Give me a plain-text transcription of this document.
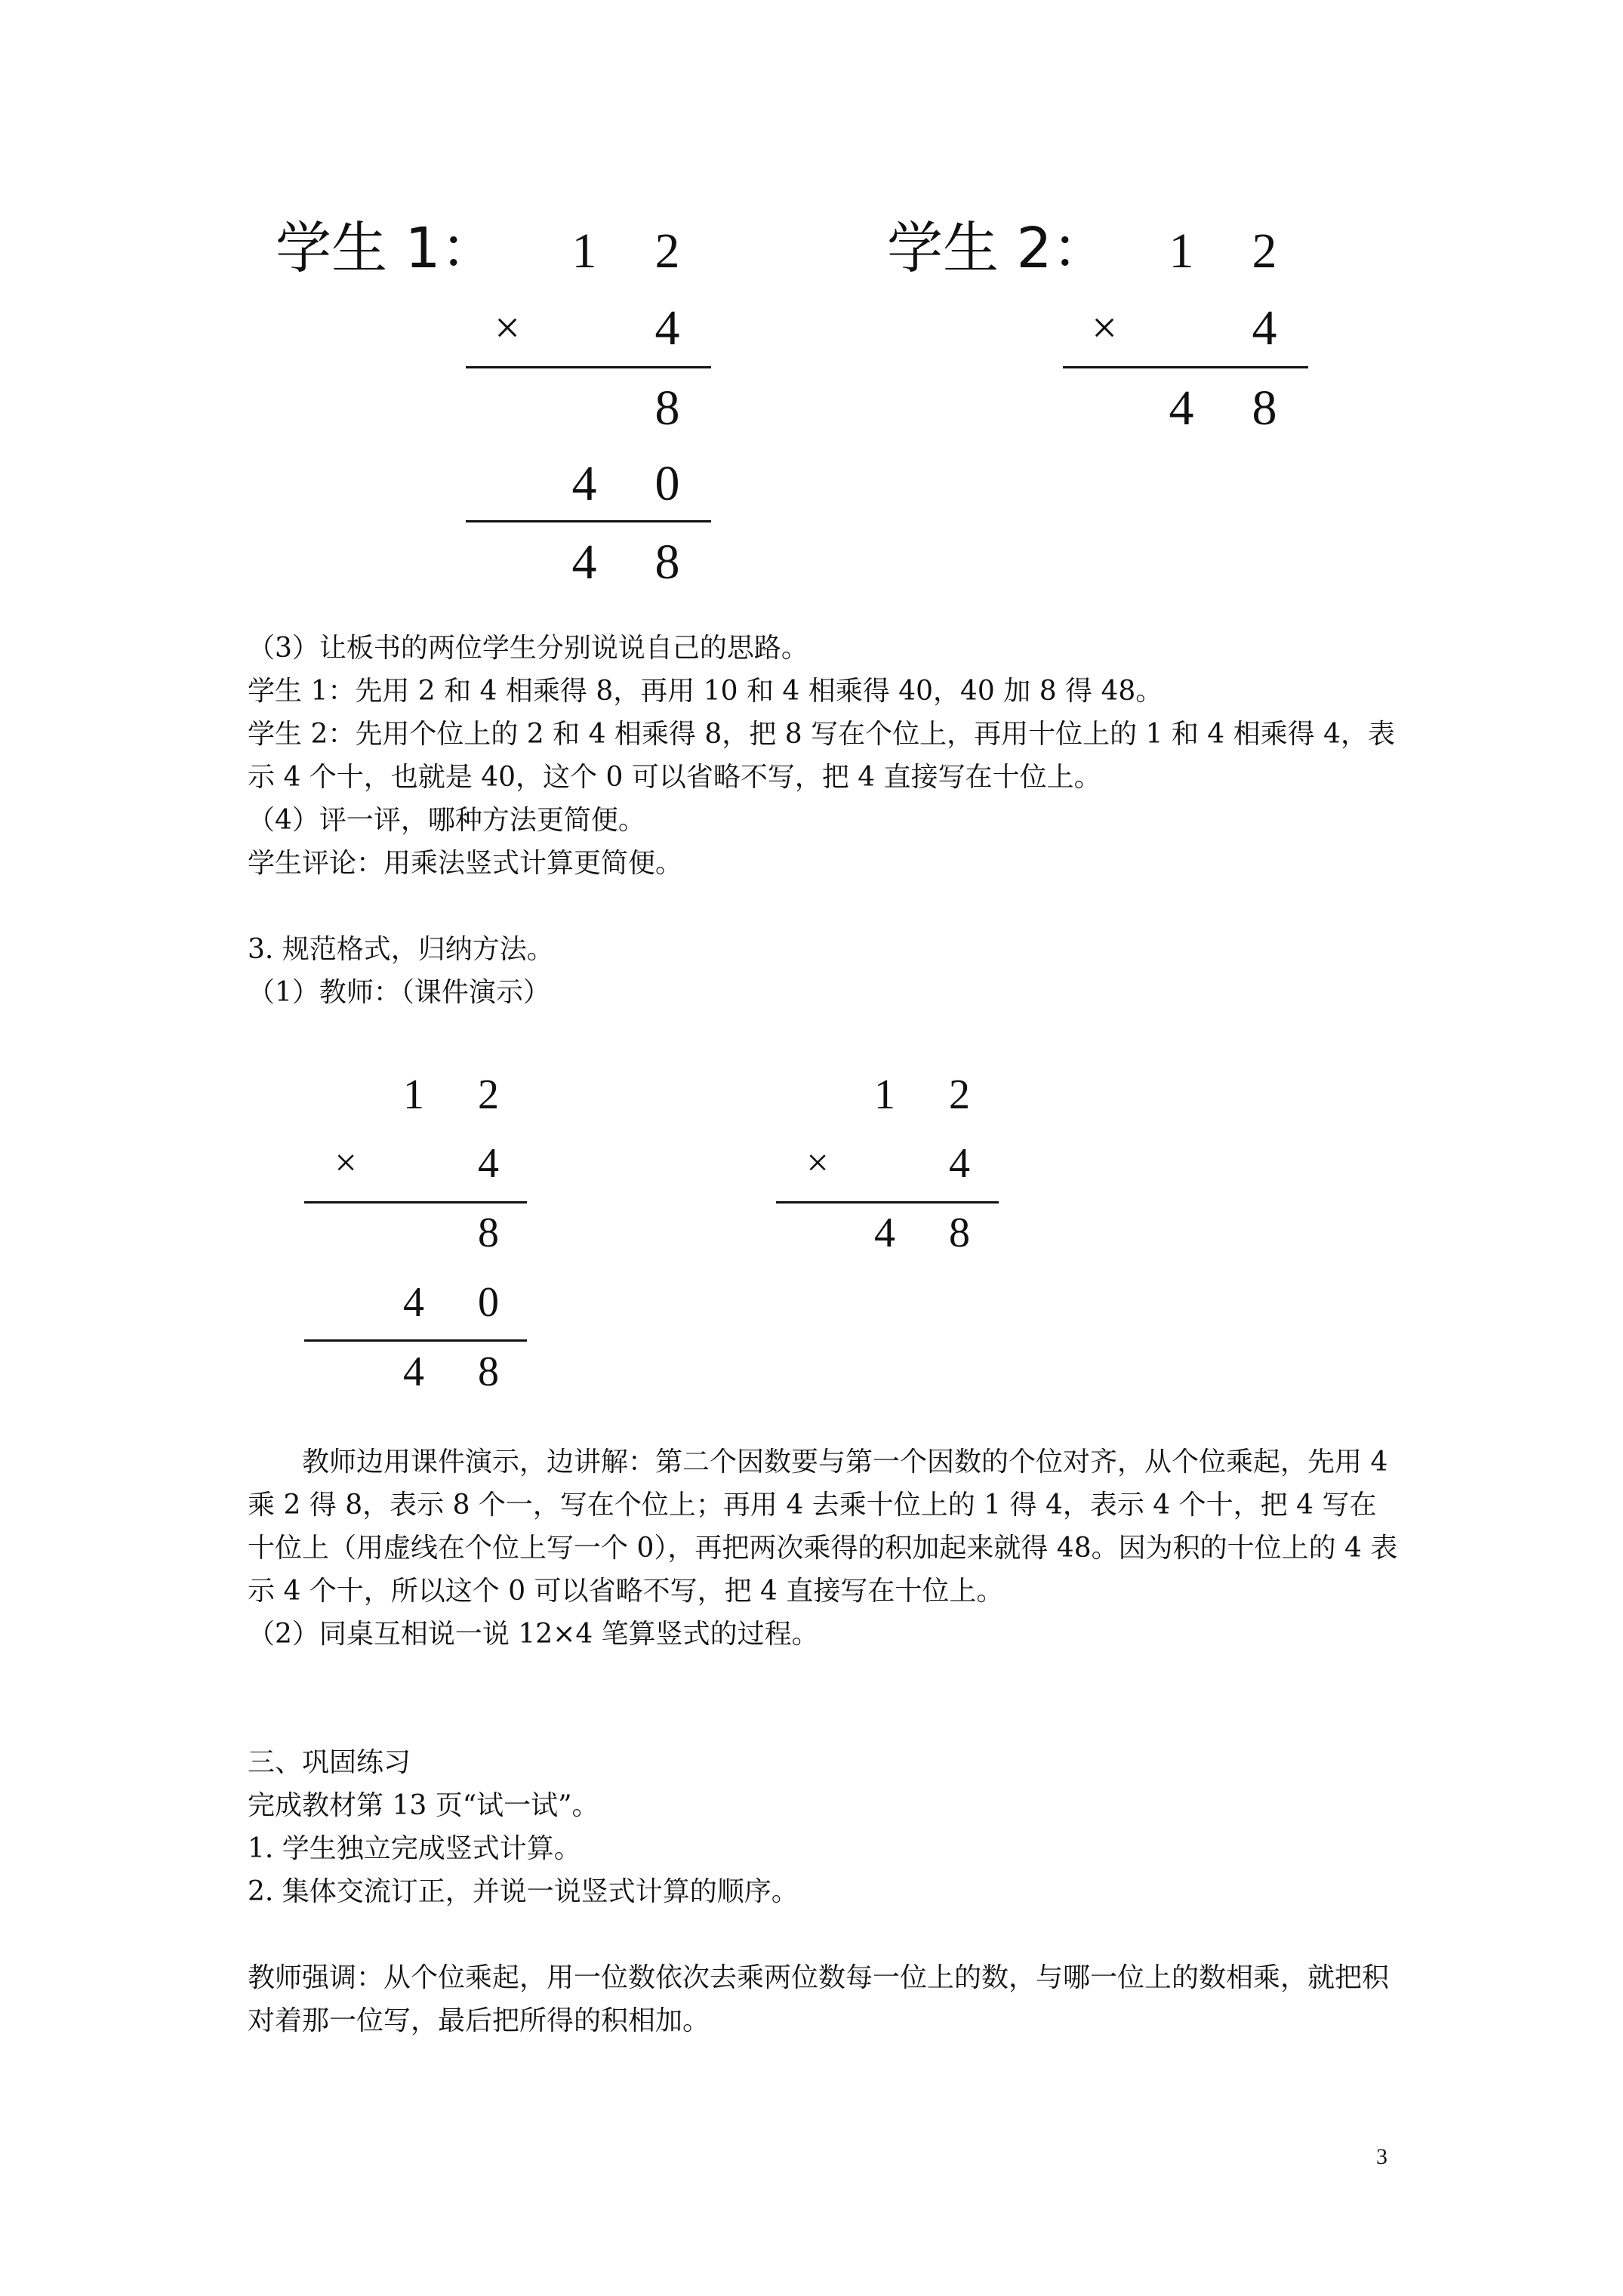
学生 1：	1	2
×	4
8
4	0
4	8
学生 2：	1	2
×	4
4	8

（3）让板书的两位学生分别说说自己的思路。

学生 1：先用 2 和 4 相乘得 8，再用 10 和 4 相乘得 40，40 加 8 得 48。

学生 2：先用个位上的 2 和 4 相乘得 8，把 8 写在个位上，再用十位上的 1 和 4 相乘得 4，表示 4 个十，也就是 40，这个 0 可以省略不写，把 4 直接写在十位上。

（4）评一评，哪种方法更简便。

学生评论：用乘法竖式计算更简便。

3. 规范格式，归纳方法。

（1）教师：（课件演示）

1	2
×	4
8
4	0
4	8
1	2
×	4
4	8

教师边用课件演示，边讲解：第二个因数要与第一个因数的个位对齐，从个位乘起，先用 4 乘 2 得 8，表示 8 个一，写在个位上；再用 4 去乘十位上的 1 得 4，表示 4 个十，把 4 写在十位上（用虚线在个位上写一个 0），再把两次乘得的积加起来就得 48。因为积的十位上的 4 表示 4 个十，所以这个 0 可以省略不写，把 4 直接写在十位上。

（2）同桌互相说一说 12×4 笔算竖式的过程。

三、巩固练习

完成教材第 13 页“试一试”。

1. 学生独立完成竖式计算。

2. 集体交流订正，并说一说竖式计算的顺序。

教师强调：从个位乘起，用一位数依次去乘两位数每一位上的数，与哪一位上的数相乘，就把积对着那一位写，最后把所得的积相加。

3
